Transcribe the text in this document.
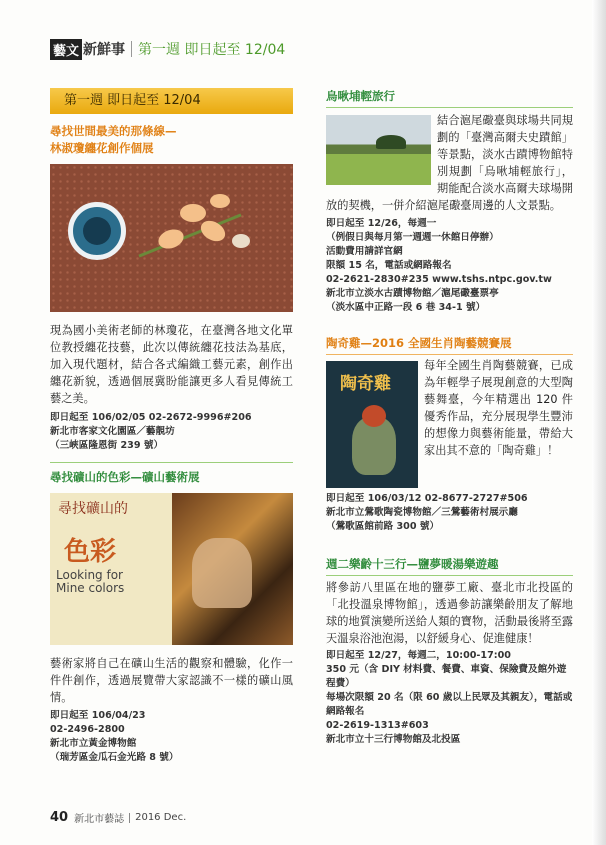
藝文 新鮮事 第一週 即日起至 12/04
第一週 即日起至 12/04
尋找世間最美的那條線—
林淑瓊纏花創作個展
現為國小美術老師的林瓊花，在臺灣各地文化單位教授纏花技藝，此次以傳統纏花技法為基底，加入現代題材，結合各式編織工藝元素，創作出纏花新貌，透過個展冀盼能讓更多人看見傳統工藝之美。
即日起至 106/02/05 02-2672-9996#206
新北市客家文化園區／藝靚坊
（三峽區隆恩街 239 號）
尋找礦山的色彩—礦山藝術展
尋找礦山的
色彩
Looking for
Mine colors
藝術家將自己在礦山生活的觀察和體驗，化作一件件創作，透過展覽帶大家認識不一樣的礦山風情。
即日起至 106/04/23
02-2496-2800
新北市立黃金博物館
（瑞芳區金瓜石金光路 8 號）
烏啾埔輕旅行
結合滬尾礮臺與球場共同規劃的「臺灣高爾夫史蹟館」等景點，淡水古蹟博物館特別規劃「烏啾埔輕旅行」，期能配合淡水高爾夫球場開放的契機，一併介紹滬尾礮臺周邊的人文景點。
即日起至 12/26，每週一
（例假日與每月第一週週一休館日停辦）
活動費用請詳官網
限額 15 名，電話或網路報名
02-2621-2830#235 www.tshs.ntpc.gov.tw
新北市立淡水古蹟博物館／滬尾礮臺票亭
（淡水區中正路一段 6 巷 34-1 號）
陶奇雞—2016 全國生肖陶藝競賽展
陶奇雞
每年全國生肖陶藝競賽，已成為年輕學子展現創意的大型陶藝舞臺，今年精選出 120 件優秀作品，充分展現學生豐沛的想像力與藝術能量，帶給大家出其不意的「陶奇雞」！
即日起至 106/03/12 02-8677-2727#506
新北市立鶯歌陶瓷博物館／三鶯藝術村展示廳
（鶯歌區館前路 300 號）
週二樂齡十三行—鹽夢暖湯樂遊趣
將參訪八里區在地的鹽夢工廠、臺北市北投區的「北投溫泉博物館」，透過參訪讓樂齡朋友了解地球的地質演變所送給人類的寶物，活動最後將至露天溫泉浴池泡湯，以舒緩身心、促進健康！
即日起至 12/27，每週二，10:00-17:00
350 元（含 DIY 材料費、餐費、車資、保險費及館外遊程費）
每場次限額 20 名（限 60 歲以上民眾及其親友），電話或網路報名
02-2619-1313#603
新北市立十三行博物館及北投區
40 新北市藝誌 2016 Dec.
